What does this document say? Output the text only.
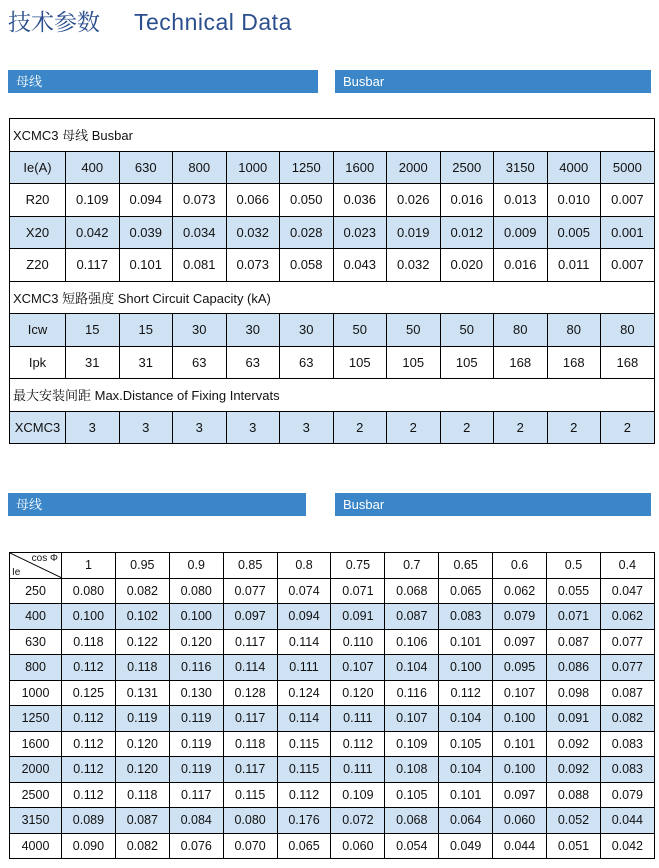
技术参数 Technical Data
母线	Busbar
XCMC3 母线 Busbar											
Ie(A)	400	630	800	1000	1250	1600	2000	2500	3150	4000	5000
R20	0.109	0.094	0.073	0.066	0.050	0.036	0.026	0.016	0.013	0.010	0.007
X20	0.042	0.039	0.034	0.032	0.028	0.023	0.019	0.012	0.009	0.005	0.001
Z20	0.117	0.101	0.081	0.073	0.058	0.043	0.032	0.020	0.016	0.011	0.007
XCMC3 短路强度 Short Circuit Capacity (kA)											
Icw	15	15	30	30	30	50	50	50	80	80	80
Ipk	31	31	63	63	63	105	105	105	168	168	168
最大安装间距 Max.Distance of Fixing Intervats											
XCMC3	3	3	3	3	3	2	2	2	2	2	2
母线	Busbar
cos Φ
Ie	1	0.95	0.9	0.85	0.8	0.75	0.7	0.65	0.6	0.5	0.4
250	0.080	0.082	0.080	0.077	0.074	0.071	0.068	0.065	0.062	0.055	0.047
400	0.100	0.102	0.100	0.097	0.094	0.091	0.087	0.083	0.079	0.071	0.062
630	0.118	0.122	0.120	0.117	0.114	0.110	0.106	0.101	0.097	0.087	0.077
800	0.112	0.118	0.116	0.114	0.111	0.107	0.104	0.100	0.095	0.086	0.077
1000	0.125	0.131	0.130	0.128	0.124	0.120	0.116	0.112	0.107	0.098	0.087
1250	0.112	0.119	0.119	0.117	0.114	0.111	0.107	0.104	0.100	0.091	0.082
1600	0.112	0.120	0.119	0.118	0.115	0.112	0.109	0.105	0.101	0.092	0.083
2000	0.112	0.120	0.119	0.117	0.115	0.111	0.108	0.104	0.100	0.092	0.083
2500	0.112	0.118	0.117	0.115	0.112	0.109	0.105	0.101	0.097	0.088	0.079
3150	0.089	0.087	0.084	0.080	0.176	0.072	0.068	0.064	0.060	0.052	0.044
4000	0.090	0.082	0.076	0.070	0.065	0.060	0.054	0.049	0.044	0.051	0.042
